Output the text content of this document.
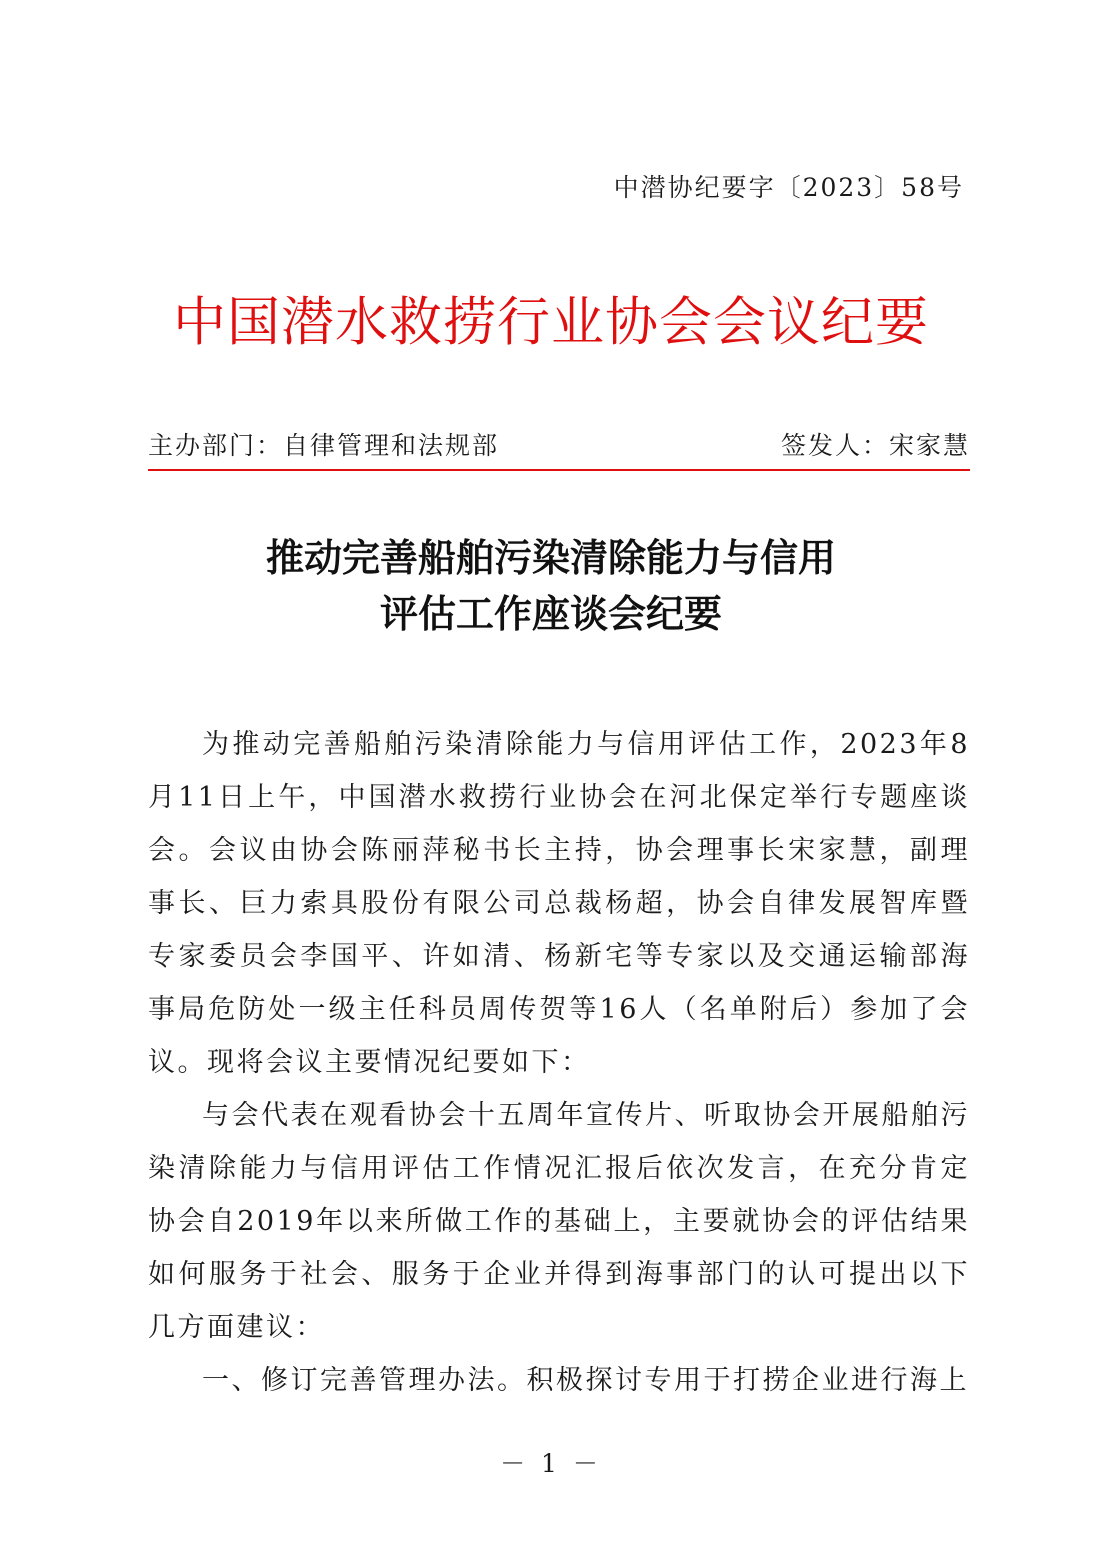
中潜协纪要字〔2023〕58号
中国潜水救捞行业协会会议纪要
主办部门：自律管理和法规部	签发人：宋家慧
推动完善船舶污染清除能力与信用
评估工作座谈会纪要

为推动完善船舶污染清除能力与信用评估工作，2023年8月11日上午，中国潜水救捞行业协会在河北保定举行专题座谈会。会议由协会陈丽萍秘书长主持，协会理事长宋家慧，副理事长、巨力索具股份有限公司总裁杨超，协会自律发展智库暨专家委员会李国平、许如清、杨新宅等专家以及交通运输部海事局危防处一级主任科员周传贺等16人（名单附后）参加了会议。现将会议主要情况纪要如下：

与会代表在观看协会十五周年宣传片、听取协会开展船舶污染清除能力与信用评估工作情况汇报后依次发言，在充分肯定协会自2019年以来所做工作的基础上，主要就协会的评估结果如何服务于社会、服务于企业并得到海事部门的认可提出以下几方面建议：

一、修订完善管理办法。积极探讨专用于打捞企业进行海上

－ 1 －
